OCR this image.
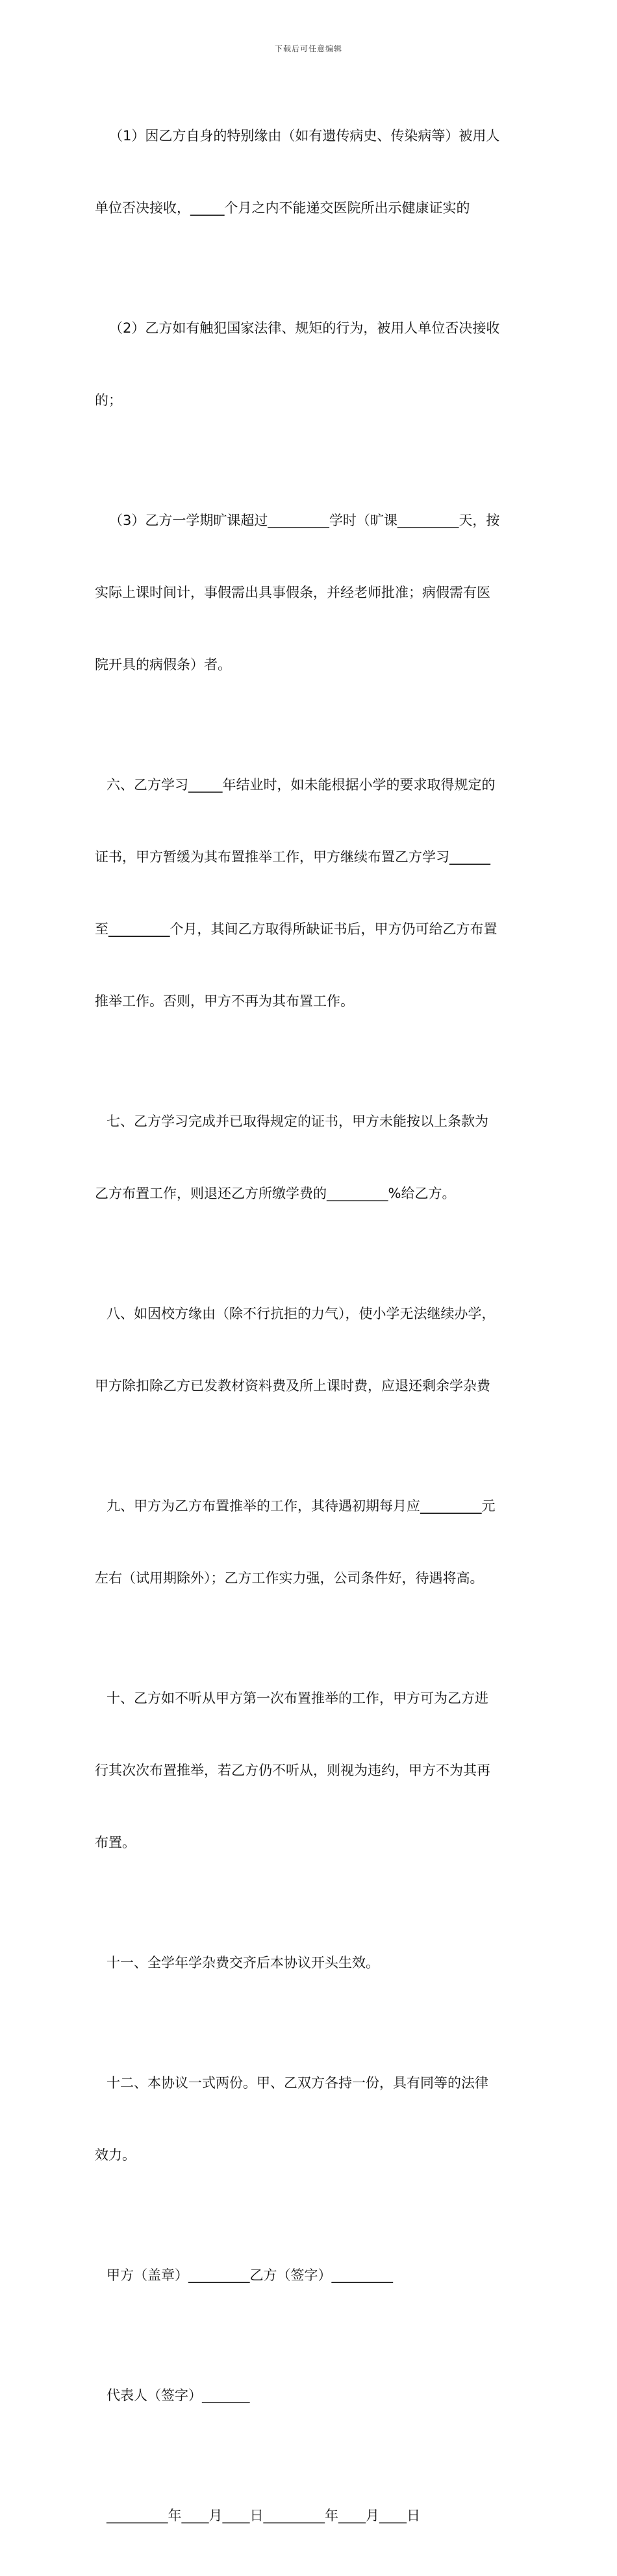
下载后可任意编辑

（1）因乙方自身的特别缘由（如有遗传病史、传染病等）被用人

单位否决接收，_____个月之内不能递交医院所出示健康证实的

（2）乙方如有触犯国家法律、规矩的行为，被用人单位否决接收

的；

（3）乙方一学期旷课超过_________学时（旷课_________天，按

实际上课时间计，事假需出具事假条，并经老师批准；病假需有医

院开具的病假条）者。

六、乙方学习_____年结业时，如未能根据小学的要求取得规定的

证书，甲方暂缓为其布置推举工作，甲方继续布置乙方学习______

至_________个月，其间乙方取得所缺证书后，甲方仍可给乙方布置

推举工作。否则，甲方不再为其布置工作。

七、乙方学习完成并已取得规定的证书，甲方未能按以上条款为

乙方布置工作，则退还乙方所缴学费的_________%给乙方。

八、如因校方缘由（除不行抗拒的力气），使小学无法继续办学，

甲方除扣除乙方已发教材资料费及所上课时费，应退还剩余学杂费

九、甲方为乙方布置推举的工作，其待遇初期每月应_________元

左右（试用期除外）；乙方工作实力强，公司条件好，待遇将高。

十、乙方如不听从甲方第一次布置推举的工作，甲方可为乙方进

行其次次布置推举，若乙方仍不听从，则视为违约，甲方不为其再

布置。

十一、全学年学杂费交齐后本协议开头生效。

十二、本协议一式两份。甲、乙双方各持一份，具有同等的法律

效力。

甲方（盖章）_________乙方（签字）_________

代表人（签字）_______

_________年____月____日_________年____月____日
